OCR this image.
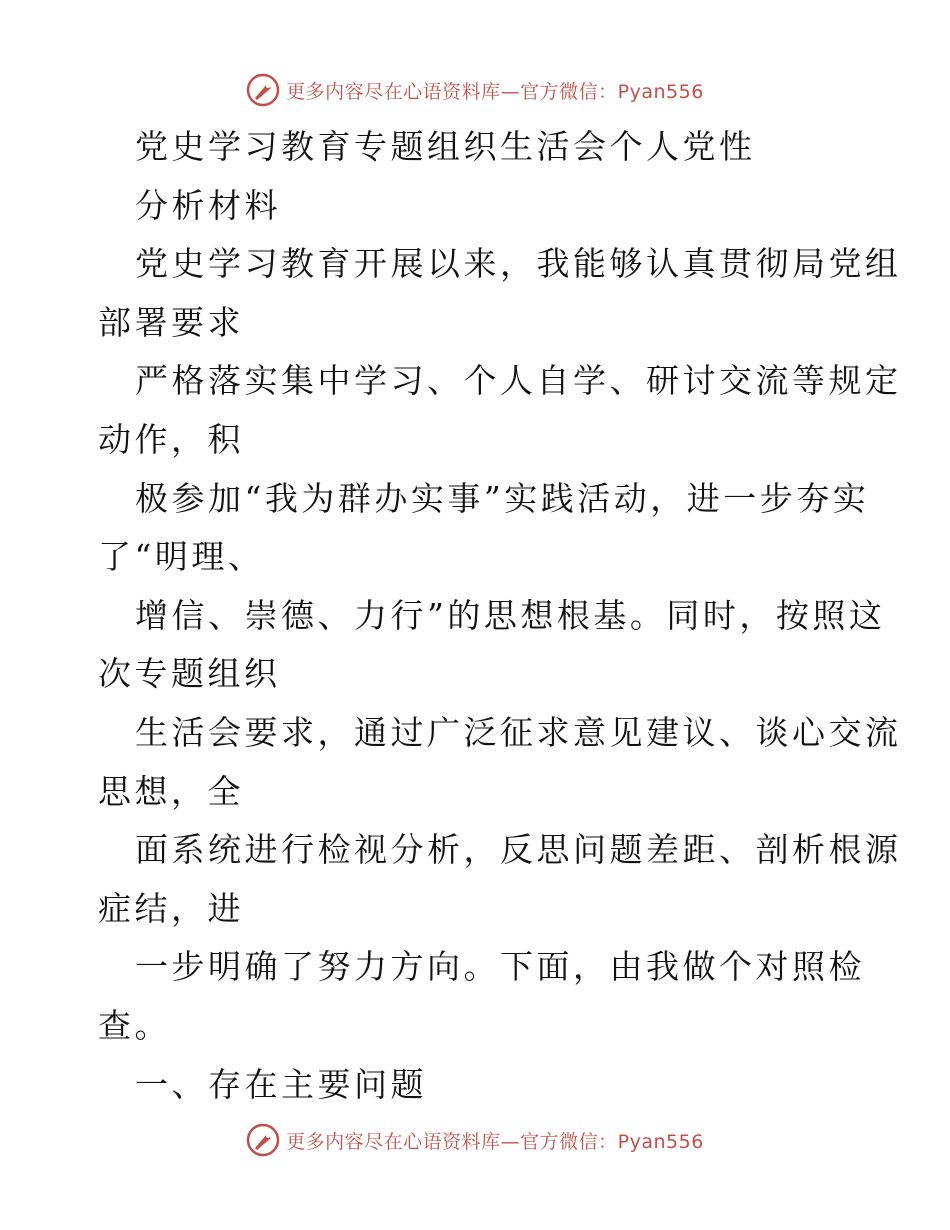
更多内容尽在心语资料库—官方微信：Pyan556
党史学习教育专题组织生活会个人党性
分析材料
党史学习教育开展以来，我能够认真贯彻局党组
部署要求
严格落实集中学习、个人自学、研讨交流等规定
动作，积
极参加“我为群办实事”实践活动，进一步夯实
了“明理、
增信、崇德、力行”的思想根基。同时，按照这
次专题组织
生活会要求，通过广泛征求意见建议、谈心交流
思想，全
面系统进行检视分析，反思问题差距、剖析根源
症结，进
一步明确了努力方向。下面，由我做个对照检
查。
一、存在主要问题
更多内容尽在心语资料库—官方微信：Pyan556
